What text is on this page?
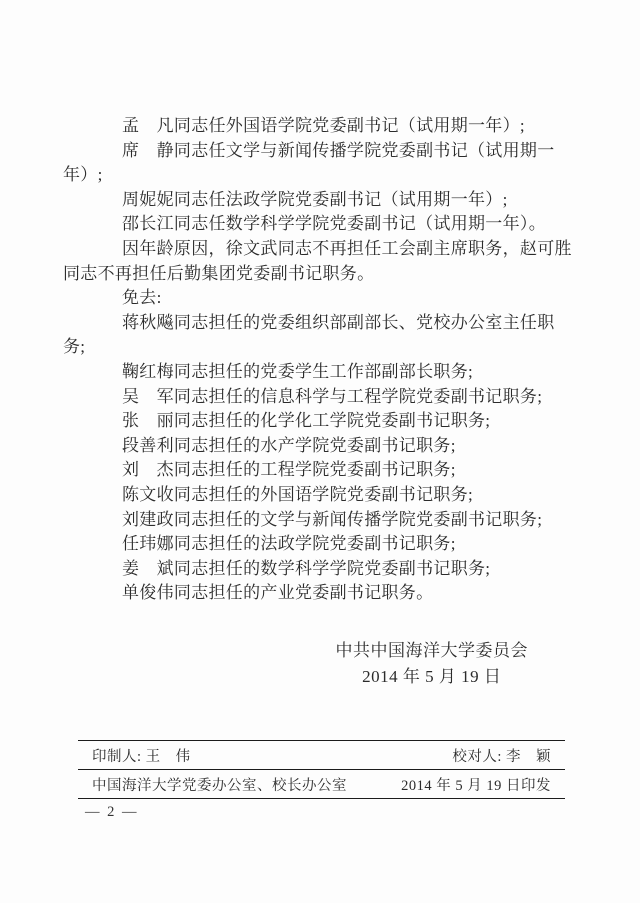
孟　凡同志任外国语学院党委副书记（试用期一年）;
席　静同志任文学与新闻传播学院党委副书记（试用期一
年）;
周妮妮同志任法政学院党委副书记（试用期一年）;
邵长江同志任数学科学学院党委副书记（试用期一年）。
因年龄原因，徐文武同志不再担任工会副主席职务，赵可胜
同志不再担任后勤集团党委副书记职务。
免去:
蒋秋飚同志担任的党委组织部副部长、党校办公室主任职
务;
鞠红梅同志担任的党委学生工作部副部长职务;
吴　军同志担任的信息科学与工程学院党委副书记职务;
张　丽同志担任的化学化工学院党委副书记职务;
段善利同志担任的水产学院党委副书记职务;
刘　杰同志担任的工程学院党委副书记职务;
陈文收同志担任的外国语学院党委副书记职务;
刘建政同志担任的文学与新闻传播学院党委副书记职务;
任玮娜同志担任的法政学院党委副书记职务;
姜　斌同志担任的数学科学学院党委副书记职务;
单俊伟同志担任的产业党委副书记职务。
中共中国海洋大学委员会
2014 年 5 月 19 日
印制人: 王　伟	校对人: 李　颖
中国海洋大学党委办公室、校长办公室	2014 年 5 月 19 日印发
— 2 —
